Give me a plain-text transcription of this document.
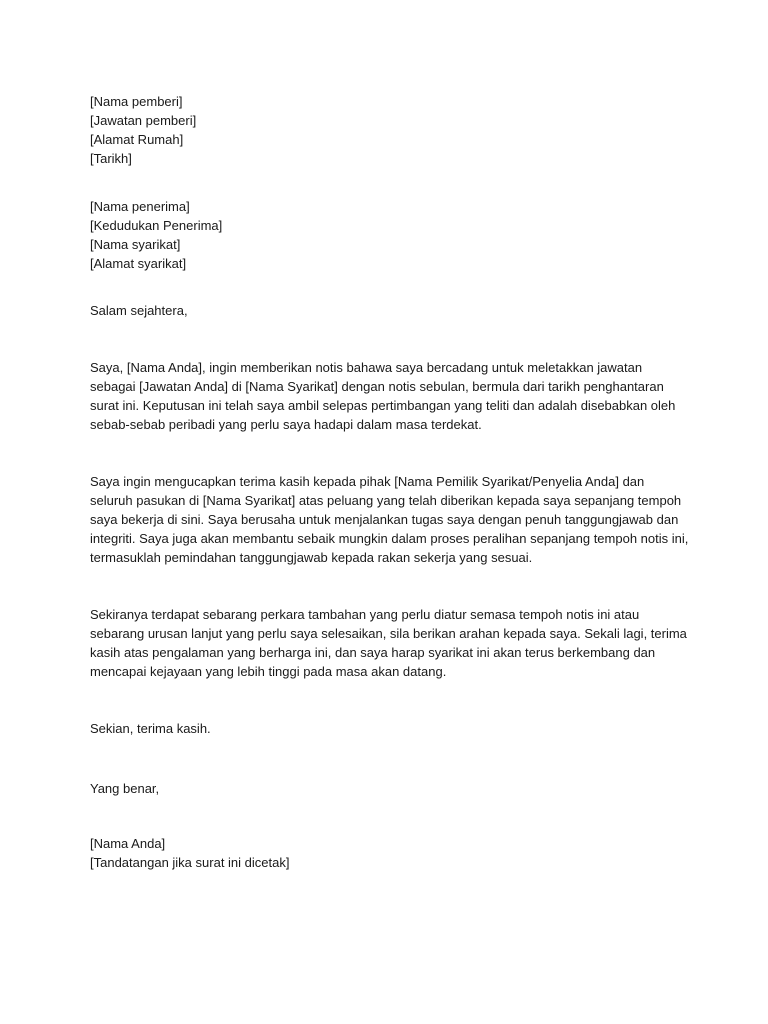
[Nama pemberi]
[Jawatan pemberi]
[Alamat Rumah]
[Tarikh]
[Nama penerima]
[Kedudukan Penerima]
[Nama syarikat]
[Alamat syarikat]

Salam sejahtera,

Saya, [Nama Anda], ingin memberikan notis bahawa saya bercadang untuk meletakkan jawatan sebagai [Jawatan Anda] di [Nama Syarikat] dengan notis sebulan, bermula dari tarikh penghantaran surat ini. Keputusan ini telah saya ambil selepas pertimbangan yang teliti dan adalah disebabkan oleh sebab-sebab peribadi yang perlu saya hadapi dalam masa terdekat.

Saya ingin mengucapkan terima kasih kepada pihak [Nama Pemilik Syarikat/Penyelia Anda] dan seluruh pasukan di [Nama Syarikat] atas peluang yang telah diberikan kepada saya sepanjang tempoh saya bekerja di sini. Saya berusaha untuk menjalankan tugas saya dengan penuh tanggungjawab dan integriti. Saya juga akan membantu sebaik mungkin dalam proses peralihan sepanjang tempoh notis ini, termasuklah pemindahan tanggungjawab kepada rakan sekerja yang sesuai.

Sekiranya terdapat sebarang perkara tambahan yang perlu diatur semasa tempoh notis ini atau sebarang urusan lanjut yang perlu saya selesaikan, sila berikan arahan kepada saya. Sekali lagi, terima kasih atas pengalaman yang berharga ini, dan saya harap syarikat ini akan terus berkembang dan mencapai kejayaan yang lebih tinggi pada masa akan datang.

Sekian, terima kasih.

Yang benar,

[Nama Anda]
[Tandatangan jika surat ini dicetak]
